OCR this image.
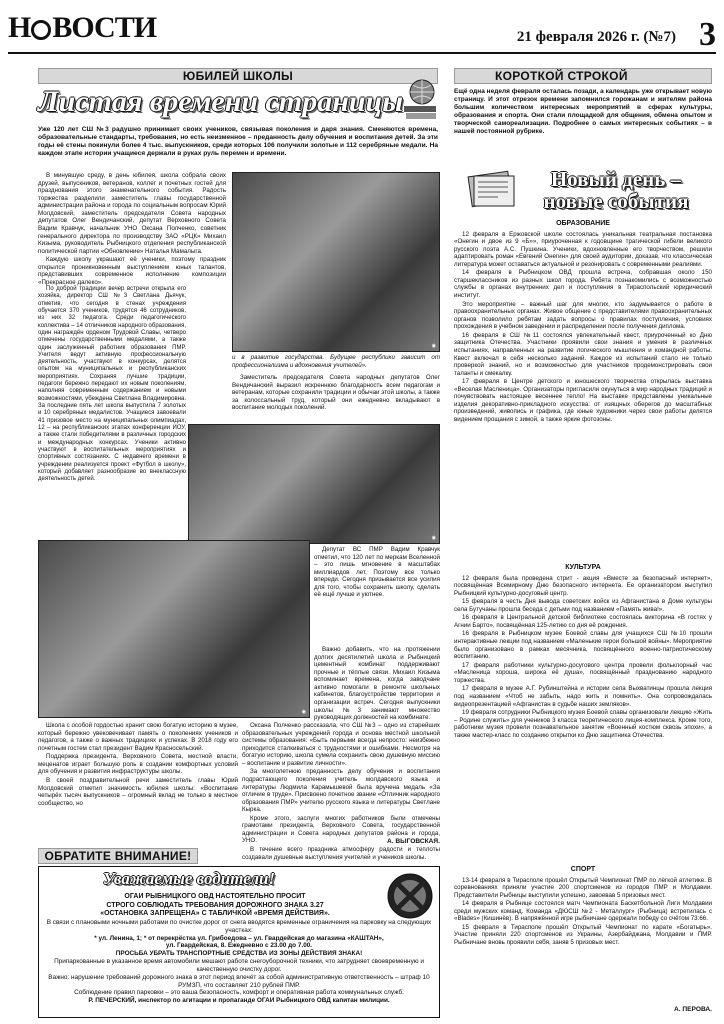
Н ВОСТИ	21 февраля 2026 г. (№7) 3
ЮБИЛЕЙ ШКОЛЫ
Листая времени страницы
Уже 120 лет СШ №3 радушно принимает своих учеников, связывая поколения и даря знания. Сменяются времена, образовательные стандарты, требования, но есть неизменное – преданность делу обучения и воспитания детей. За эти годы её стены покинули более 4 тыс. выпускников, среди которых 106 получили золотые и 112 серебряные медали. На каждом этапе истории учащиеся держали в руках руль перемен и времени.

В минувшую среду, в день юбилея, школа собрала своих друзей, выпускников, ветеранов, коллег и почетных гостей для празднования этого знаменательного события. Радость торжества разделили заместитель главы государственной администрации района и города по социальным вопросам Юрий Молдовский, заместитель председателя Совета народных депутатов Олег Вендичанский, депутат Верховного Совета Вадим Кравчук, начальник УНО Оксана Полченко, советник генерального директора по производству ЗАО «РЦК» Михаил Кизыма, руководитель Рыбницкого отделения республиканской политической партии «Обновление» Наталья Мамалыга.

Каждую школу украшают её ученики, поэтому праздник открылся проникновенным выступлением юных талантов, представивших современное исполнение композиции «Прекрасное далеко».

◉

По доброй традиции вечер встречи открыла его хозяйка, директор СШ №3 Светлана Дьячук, отметив, что сегодня в стенах учреждения обучается 370 учеников, трудятся 46 сотрудников, из них 32 педагога. Среди педагогического коллектива – 14 отличников народного образования, один награждён орденом Трудовой Славы, четверо отмечены государственными медалями, а также один заслуженный работник образования ПМР. Учителя ведут активную профессиональную деятельность, участвуют в конкурсах, делятся опытом на муниципальных и республиканских мероприятиях. Сохраняя лучшие традиции, педагоги бережно передают их новым поколениям, наполняя современным содержанием и новыми возможностями, убеждена Светлана Владимировна. За последние пять лет школа выпустила 7 золотых и 10 серебряных медалистов. Учащиеся завоевали 41 призовое место на муниципальных олимпиадах, 12 – на республиканских этапах конференции ИОУ, а также стали победителями в различных городских и международных конкурсах. Ученики активно участвуют в воспитательных мероприятиях и спортивных состязаниях. С недавнего времени в учреждении реализуется проект «Футбол в школу», который добавляет разнообразие во внеклассную деятельность детей.

и в развитие государства. Будущее республики зависит от профессионализма и вдохновения учителей».

Заместитель председателя Совета народных депутатов Олег Вендичанский выразил искреннюю благодарность всем педагогам и ветеранам, которые сохранили традиции и обычаи этой школы, а также за колоссальный труд, который они ежедневно вкладывают в воспитание молодых поколений.

◉
◉

Депутат ВС ПМР Вадим Кравчук отметил, что 120 лет по меркам Вселенной – это лишь мгновение в масштабах миллиардов лет. Поэтому все только впереди. Сегодня призывается все усилия для того, чтобы сохранить школу, сделать её ещё лучше и уютнее.

Важно добавить, что на протяжении долгих десятилетий школа и Рыбницкий цементный комбинат поддерживают прочные и тёплые связи. Михаил Кизыма вспоминает времена, когда заводчане активно помогали в ремонте школьных кабинетов, благоустройстве территории и организации встреч. Сегодня выпускники школы №3 занимают множество руководящих должностей на комбинате.

Школа с особой гордостью хранит свою богатую историю в музее, который бережно увековечивает память о поколениях учеников и педагогов, а также о важных традициях и успехах. В 2018 году его почетным гостем стал президент Вадим Красносельский.

Поддержка президента, Верховного Совета, местной власти, меценатов играет большую роль в создании комфортных условий для обучения и развития инфраструктуры школы.

В своей поздравительной речи заместитель главы Юрий Молдовский отметил значимость юбилея школы: «Воспитание четырёх тысяч выпускников – огромный вклад не только в местное сообщество, но

Оксана Полченко рассказала, что СШ №3 – одно из старейших образовательных учреждений города и основа местной школьной системы образования: «Быть первыми всегда непросто: неизбежно приходится сталкиваться с трудностями и ошибками. Несмотря на богатую историю, школа сумела сохранить свою душевную миссию – воспитание и развитие личности».

За многолетнюю преданность делу обучения и воспитания подрастающего поколения учитель молдавского языка и литературы Людмила Карамышевой была вручена медаль «За отличие в труде». Присвоено почетное звание «Отличник народного образования ПМР» учителю русского языка и литературы Светлане Кырка.

Кроме этого, заслуги многих работников были отмечены грамотами президента, Верховного Совета, государственной администрации и Совета народных депутатов района и города, УНО.

В течение всего праздника атмосферу радости и теплоты создавали душевные выступления учителей и учеников школы.

А. ВЫГОВСКАЯ.
ОБРАТИТЕ ВНИМАНИЕ!
Уважаемые водители!
ОГАИ РЫБНИЦКОГО ОВД НАСТОЯТЕЛЬНО ПРОСИТ
СТРОГО СОБЛЮДАТЬ ТРЕБОВАНИЯ ДОРОЖНОГО ЗНАКА 3.27
«ОСТАНОВКА ЗАПРЕЩЕНА» С ТАБЛИЧКОЙ «ВРЕМЯ ДЕЙСТВИЯ».
В связи с плановыми ночными работами по очистке дорог от снега вводятся временные ограничения на парковку на следующих участках:
* ул. Ленина, 1; * от перекрёстка ул. Грибоедова – ул. Гвардейская до магазина «КАШТАН»,
ул. Гвардейская, 8. Ежедневно с 23.00 до 7.00.
ПРОСЬБА УБРАТЬ ТРАНСПОРТНЫЕ СРЕДСТВА ИЗ ЗОНЫ ДЕЙСТВИЯ ЗНАКА!
Припаркованные в указанное время автомобили мешают работе снегоуборочной техники, что затрудняет своевременную и качественную очистку дорог.
Важно: нарушение требований дорожного знака в этот период влечёт за собой административную ответственность – штраф 10 РУМЗП, что составляет 210 рублей ПМР.
Соблюдение правил парковки – это ваша безопасность, комфорт и оперативная работа коммунальных служб.
Р. ПЕЧЕРСКИЙ, инспектор по агитации и пропаганде ОГАИ Рыбницкого ОВД капитан милиции.
КОРОТКОЙ СТРОКОЙ
Ещё одна неделя февраля осталась позади, а календарь уже открывает новую страницу. И этот отрезок времени запомнился горожанам и жителям района большим количеством интересных мероприятий в сферах культуры, образования и спорта. Они стали площадкой для общения, обмена опытом и творческой самореализации. Подробнее о самых интересных событиях – в нашей постоянной рубрике.
Новый день – новые события
ОБРАЗОВАНИЕ

12 февраля в Ержовской школе состоялась уникальная театральная постановка «Онегин и двое из 9 «Б»», приуроченная к годовщине трагической гибели великого русского поэта А.С. Пушкина. Ученики, вдохновленные его творчеством, решили адаптировать роман «Евгений Онегин» для своей аудитории, доказав, что классическая литература может оставаться актуальной и резонировать с современными реалиями.

14 февраля в Рыбницком ОВД прошла встреча, собравшая около 150 старшеклассников из разных школ города. Ребята познакомились с возможностью службы в органах внутренних дел и поступления в Тираспольский юридический институт.

Это мероприятие – важный шаг для многих, кто задумывается о работе в правоохранительных органах. Живое общение с представителями правоохранительных органов позволило ребятам задать вопросы о правилах поступления, условиях прохождения в учебном заведении и распределении после получения диплома.

16 февраля в СШ №11 состоялся увлекательный квест, приуроченный ко Дню защитника Отечества. Участники проявили свои знания и умения в различных испытаниях, направленных на развитие логического мышления и командной работы. Квест включал в себя несколько заданий. Каждое из испытаний стало не только проверкой знаний, но и возможностью для участников продемонстрировать свои таланты и смекалку.

17 февраля в Центре детского и юношеского творчества открылась выставка «Веселая Масленица». Организаторы пригласили окунуться в мир народных традиций и почувствовать настоящее весеннее тепло! На выставке представлены уникальные изделия декоративно-прикладного искусства: от изящных оберегов до масштабных произведений, живопись и графика, где юные художники через свои работы делятся видением прощания с зимой, а также яркие фотозоны.

КУЛЬТУРА

12 февраля была проведена стрит - акция «Вместе за безопасный интернет», посвящённая Всемирному Дню безопасного интернета. Ее организатором выступил Рыбницкий культурно-досуговый центр.

15 февраля в честь Дня вывода советских войск из Афганистана в Доме культуры села Бутучаны прошла беседа с детьми под названием «Память жива!».

16 февраля в Центральной детской библиотеке состоялась викторина «В гостях у Агнии Барто», посвящённая 125-летию со дня её рождения.

16 февраля в Рыбницком музее Боевой славы для учащихся СШ №10 прошли интерактивные лекции под названием «Маленькие герои большой войны». Мероприятие было организовано в рамках месячника, посвящённого военно-патриотическому воспитанию.

17 февраля работники культурно-досугового центра провели фольклорный час «Масленица хороша, широка её душа», посвящённый празднованию народного торжества.

17 февраля в музее А.Г. Рубинштейна и истории села Выхватинцы прошла лекция под названием «Чтоб не забыть, надо жить и помнить». Она сопровождалась видеопрезентацией «Афганистан в судьбе наших земляков».

19 февраля сотрудники Рыбницкого музея Боевой славы организовали лекцию «Жить – Родине служить» для учеников 3 класса теоретического лицея-комплекса. Кроме того, работники музея провели познавательное занятие «Военный костюм сквозь эпохи», а также мастер-класс по созданию открытки ко Дню защитника Отечества.

СПОРТ

13-14 февраля в Тирасполе прошёл Открытый Чемпионат ПМР по лёгкой атлетике. В соревнованиях приняли участие 200 спортсменов из городов ПМР и Молдавии. Представители Рыбницы выступили успешно, завоевав 5 призовых мест.

14 февраля в Рыбнице состоялся матч Чемпионата Баскетбольной Лиги Молдавии среди мужских команд. Команда «ДЮСШ №2 - Металлург» (Рыбница) встретилась с «Blades» (Кишинёв). В напряжённой игре рыбничане одержали победу со счётом 73:66.

15 февраля в Тирасполе прошёл Открытый Чемпионат по карате «Богатырь». Участие приняли 220 спортсменов из Украины, Азербайджана, Молдавии и ПМР. Рыбничане вновь проявили себя, заняв 5 призовых мест.

А. ПЕРОВА.
